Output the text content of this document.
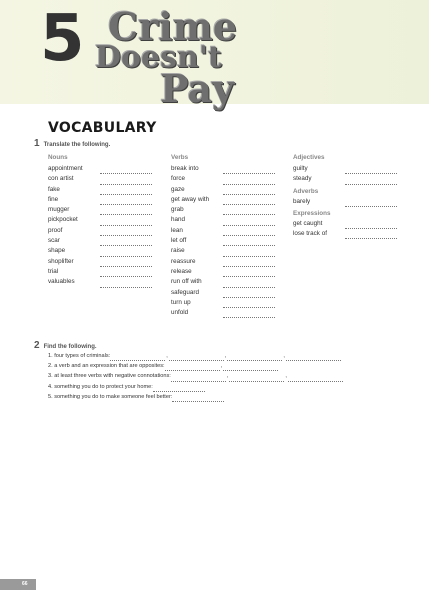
5 Crime
Doesn't
Pay
VOCABULARY
1 Translate the following.
Nouns
appointment
con artist
fake
fine
mugger
pickpocket
proof
scar
shape
shoplifter
trial
valuables
Verbs
break into
force
gaze
get away with
grab
hand
lean
let off
raise
reassure
release
run off with
safeguard
turn up
unfold
Adjectives
guilty
steady
Adverbs
barely
Expressions
get caught
lose track of
2 Find the following.
1. four types of criminals:	,	,	,
2. a verb and an expression that are opposites:	,
3. at least three verbs with negative connotations:	,	,
4. something you do to protect your home:
5. something you do to make someone feel better:
66
